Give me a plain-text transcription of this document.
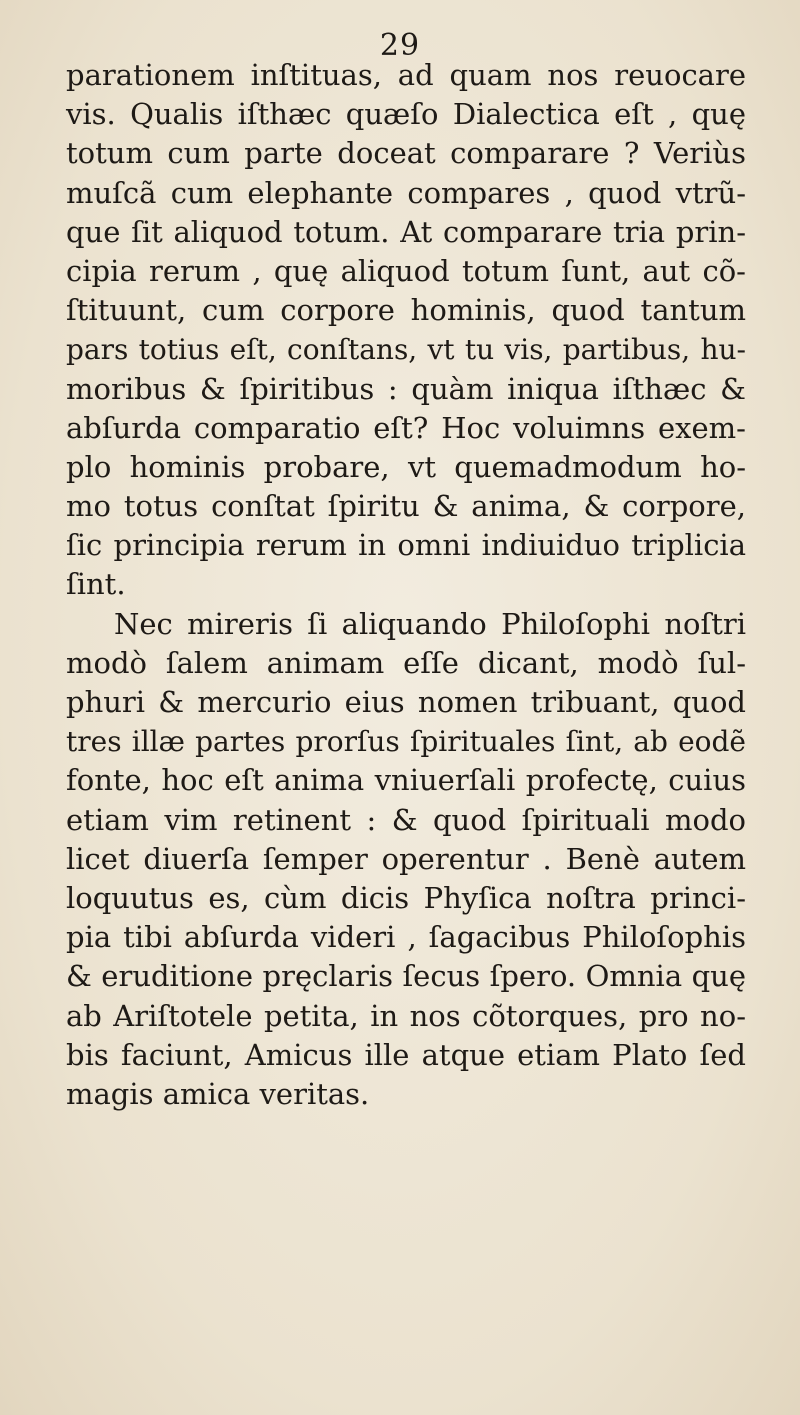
29
parationem inſtituas, ad quam nos reuocare
vis. Qualis iſthæc quæſo Dialectica eſt , quę
totum cum parte doceat comparare ? Veriùs
muſcã cum elephante compares , quod vtrũ-
que ſit aliquod totum. At comparare tria prin-
cipia rerum , quę aliquod totum ſunt, aut cõ-
ſtituunt, cum corpore hominis, quod tantum
pars totius eſt, conſtans, vt tu vis, partibus, hu-
moribus & ſpiritibus : quàm iniqua iſthæc &
abſurda comparatio eſt? Hoc voluimns exem-
plo hominis probare, vt quemadmodum ho-
mo totus conſtat ſpiritu & anima, & corpore,
ſic principia rerum in omni indiuiduo triplicia
ſint.
Nec mireris ſi aliquando Philoſophi noſtri
modò ſalem animam eſſe dicant, modò ſul-
phuri & mercurio eius nomen tribuant, quod
tres illæ partes prorſus ſpirituales ſint, ab eodẽ
fonte, hoc eſt anima vniuerſali profectę, cuius
etiam vim retinent : & quod ſpirituali modo
licet diuerſa ſemper operentur . Benè autem
loquutus es, cùm dicis Phyſica noſtra princi-
pia tibi abſurda videri , ſagacibus Philoſophis
& eruditione pręclaris ſecus ſpero. Omnia quę
ab Ariſtotele petita, in nos cõtorques, pro no-
bis faciunt, Amicus ille atque etiam Plato ſed
magis amica veritas.
